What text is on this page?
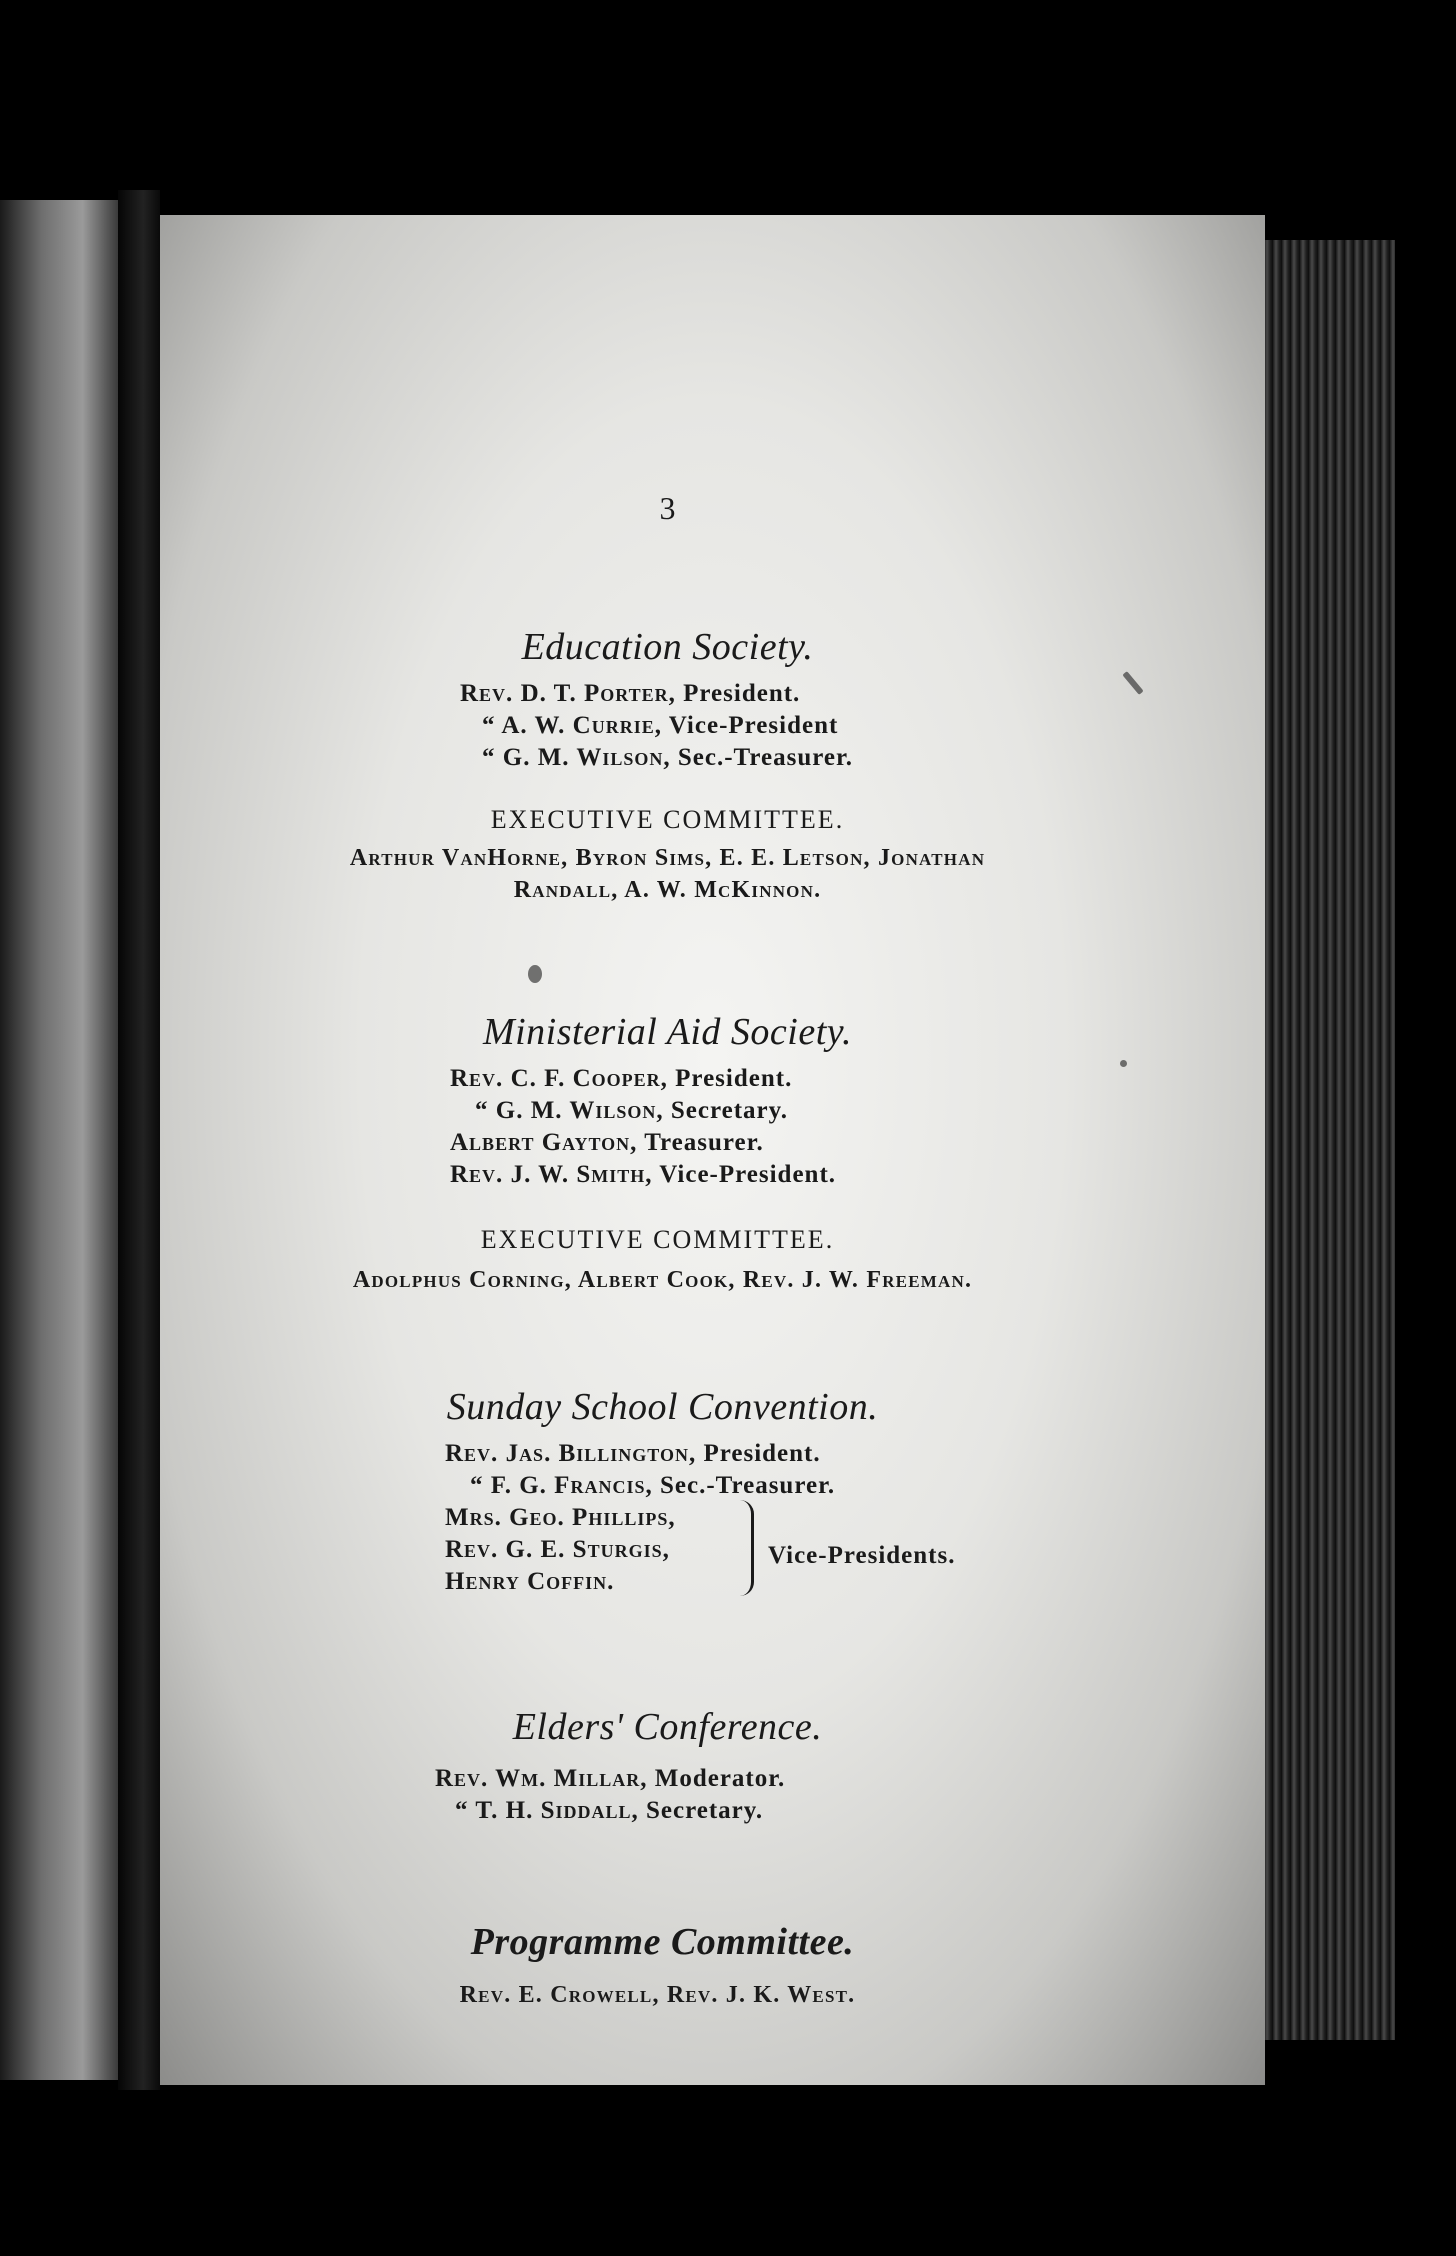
3
Education Society.
Rev. D. T. Porter, President.
“ A. W. Currie, Vice-President
“ G. M. Wilson, Sec.-Treasurer.
EXECUTIVE COMMITTEE.
Arthur VanHorne, Byron Sims, E. E. Letson, Jonathan
Randall, A. W. McKinnon.
Ministerial Aid Society.
Rev. C. F. Cooper, President.
“ G. M. Wilson, Secretary.
Albert Gayton, Treasurer.
Rev. J. W. Smith, Vice-President.
EXECUTIVE COMMITTEE.
Adolphus Corning, Albert Cook, Rev. J. W. Freeman.
Sunday School Convention.
Rev. Jas. Billington, President.
“ F. G. Francis, Sec.-Treasurer.
Mrs. Geo. Phillips,
Rev. G. E. Sturgis,
Henry Coffin.
Vice-Presidents.
Elders' Conference.
Rev. Wm. Millar, Moderator.
“ T. H. Siddall, Secretary.
Programme Committee.
Rev. E. Crowell, Rev. J. K. West.
